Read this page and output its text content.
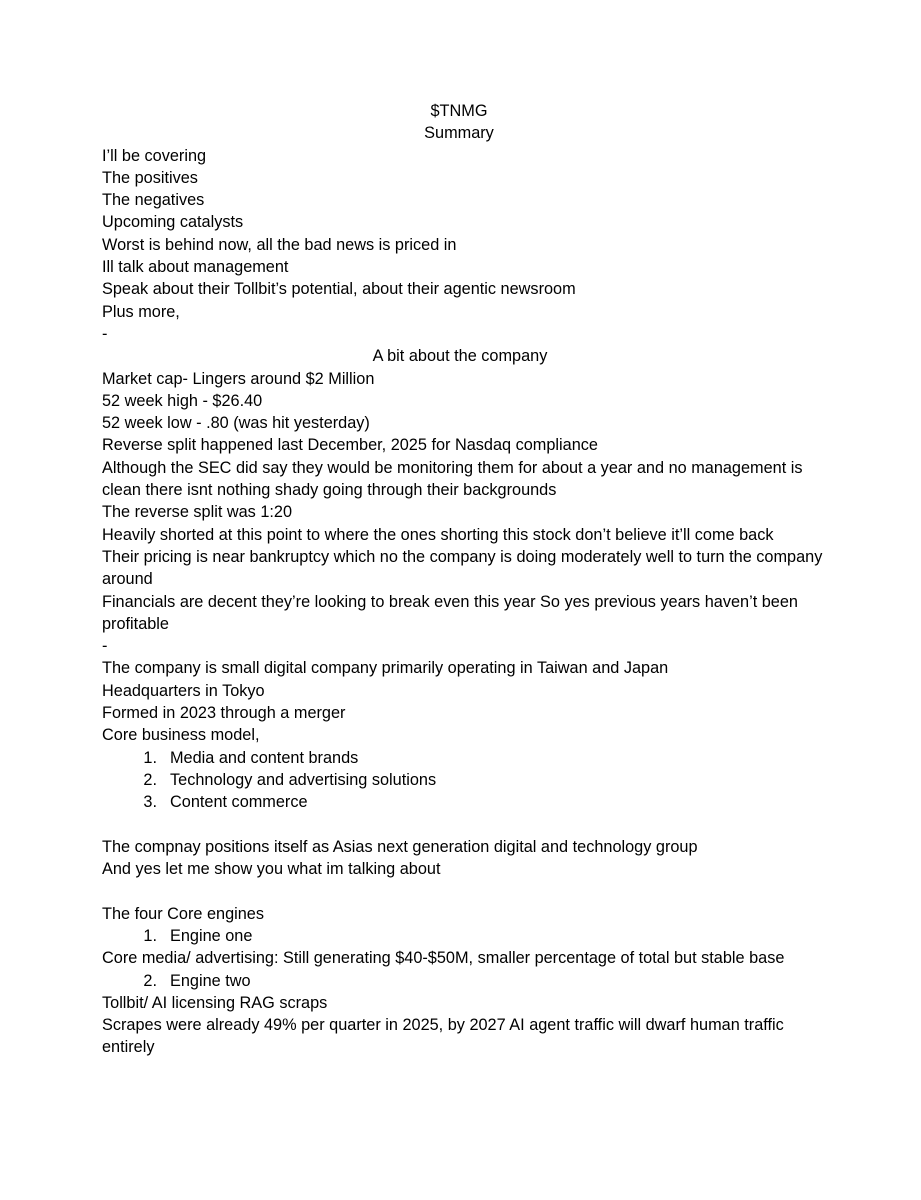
$TNMG
Summary
I’ll be covering
The positives
The negatives
Upcoming catalysts
Worst is behind now, all the bad news is priced in
Ill talk about management
Speak about their Tollbit’s potential, about their agentic newsroom
Plus more,
-
A bit about the company
Market cap- Lingers around $2 Million
52 week high - $26.40
52 week low - .80 (was hit yesterday)
Reverse split happened last December, 2025 for Nasdaq compliance
Although the SEC did say they would be monitoring them for about a year and no management is clean there isnt nothing shady going through their backgrounds
The reverse split was 1:20
Heavily shorted at this point to where the ones shorting this stock don’t believe it’ll come back
Their pricing is near bankruptcy which no the company is doing moderately well to turn the company around
Financials are decent they’re looking to break even this year So yes previous years haven’t been profitable
-
The company is small digital company primarily operating in Taiwan and Japan
Headquarters in Tokyo
Formed in 2023 through a merger
Core business model,
1. Media and content brands
2. Technology and advertising solutions
3. Content commerce
The compnay positions itself as Asias next generation digital and technology group
And yes let me show you what im talking about
The four Core engines
1. Engine one
Core media/ advertising: Still generating $40-$50M, smaller percentage of total but stable base
2. Engine two
Tollbit/ AI licensing RAG scraps
Scrapes were already 49% per quarter in 2025, by 2027 AI agent traffic will dwarf human traffic entirely
